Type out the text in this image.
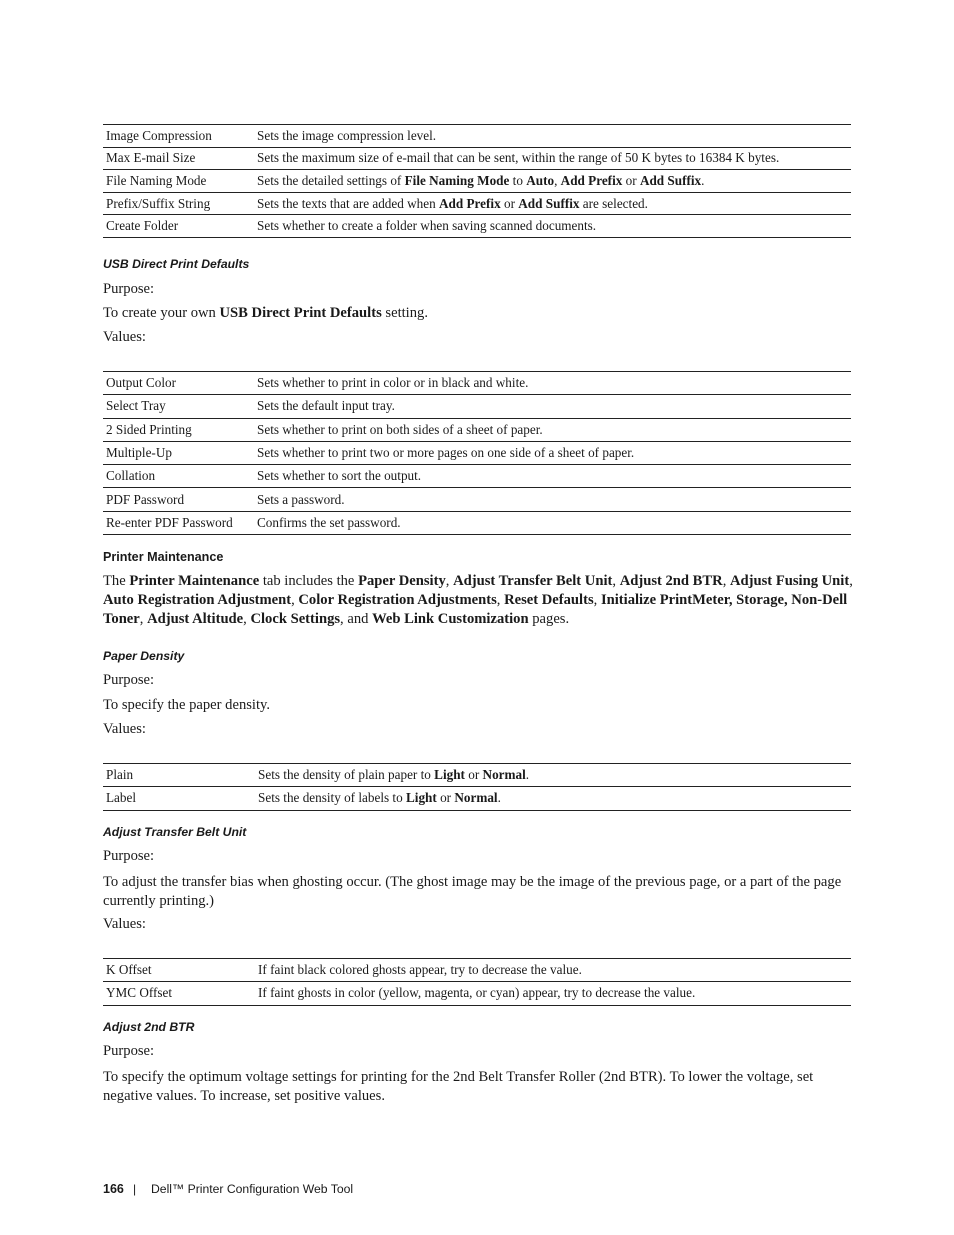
Image Compression	Sets the image compression level.
Max E-mail Size	Sets the maximum size of e-mail that can be sent, within the range of 50 K bytes to 16384 K bytes.
File Naming Mode	Sets the detailed settings of File Naming Mode to Auto, Add Prefix or Add Suffix.
Prefix/Suffix String	Sets the texts that are added when Add Prefix or Add Suffix are selected.
Create Folder	Sets whether to create a folder when saving scanned documents.
USB Direct Print Defaults
Purpose:
To create your own USB Direct Print Defaults setting.
Values:
Output Color	Sets whether to print in color or in black and white.
Select Tray	Sets the default input tray.
2 Sided Printing	Sets whether to print on both sides of a sheet of paper.
Multiple-Up	Sets whether to print two or more pages on one side of a sheet of paper.
Collation	Sets whether to sort the output.
PDF Password	Sets a password.
Re-enter PDF Password	Confirms the set password.
Printer Maintenance
The Printer Maintenance tab includes the Paper Density, Adjust Transfer Belt Unit, Adjust 2nd BTR, Adjust Fusing Unit, Auto Registration Adjustment, Color Registration Adjustments, Reset Defaults, Initialize PrintMeter, Storage, Non-Dell Toner, Adjust Altitude, Clock Settings, and Web Link Customization pages.
Paper Density
Purpose:
To specify the paper density.
Values:
Plain	Sets the density of plain paper to Light or Normal.
Label	Sets the density of labels to Light or Normal.
Adjust Transfer Belt Unit
Purpose:
To adjust the transfer bias when ghosting occur. (The ghost image may be the image of the previous page, or a part of the page currently printing.)
Values:
K Offset	If faint black colored ghosts appear, try to decrease the value.
YMC Offset	If faint ghosts in color (yellow, magenta, or cyan) appear, try to decrease the value.
Adjust 2nd BTR
Purpose:
To specify the optimum voltage settings for printing for the 2nd Belt Transfer Roller (2nd BTR). To lower the voltage, set negative values. To increase, set positive values.
166 | Dell™ Printer Configuration Web Tool
